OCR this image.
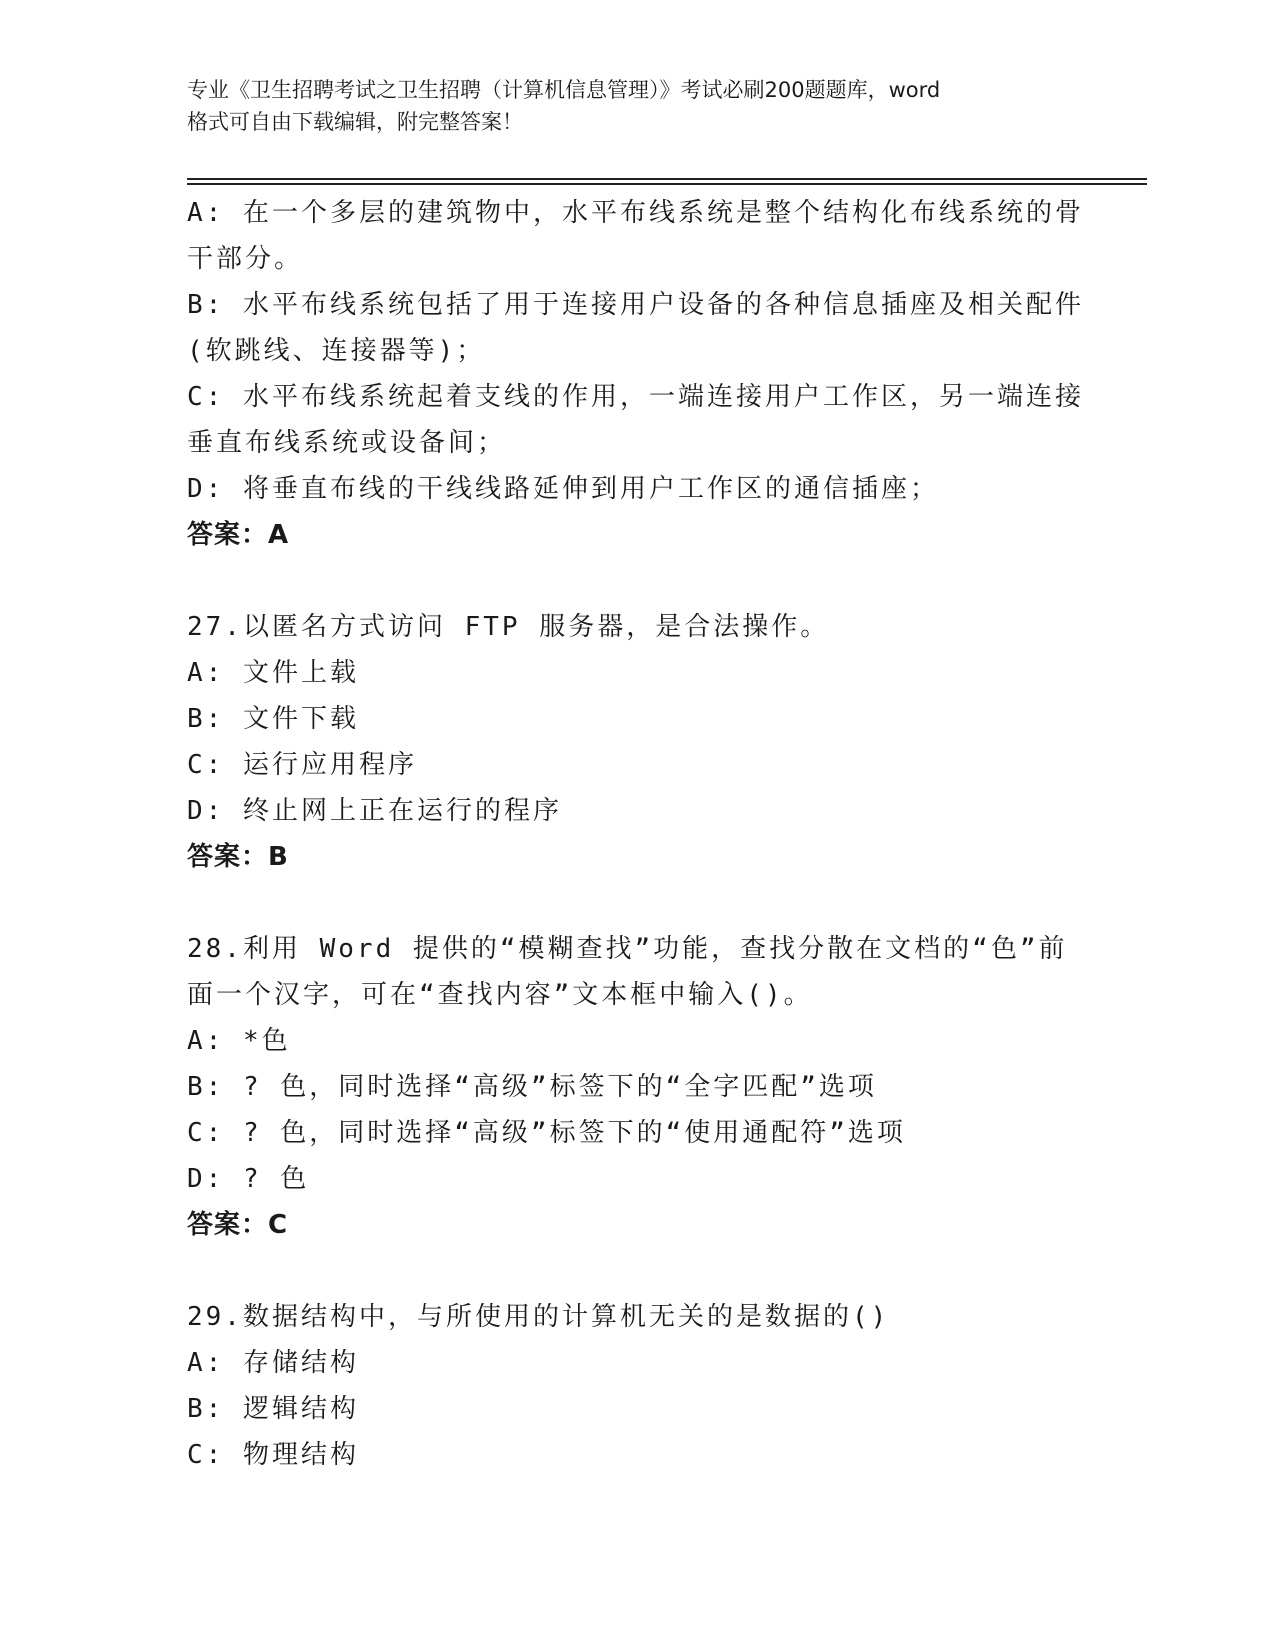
专业《卫生招聘考试之卫生招聘（计算机信息管理）》考试必刷200题题库，word
格式可自由下载编辑，附完整答案！
A: 在一个多层的建筑物中，水平布线系统是整个结构化布线系统的骨
干部分。
B: 水平布线系统包括了用于连接用户设备的各种信息插座及相关配件
(软跳线、连接器等)；
C: 水平布线系统起着支线的作用，一端连接用户工作区，另一端连接
垂直布线系统或设备间；
D: 将垂直布线的干线线路延伸到用户工作区的通信插座；
答案：A
27.以匿名方式访问 FTP 服务器，是合法操作。
A: 文件上载
B: 文件下载
C: 运行应用程序
D: 终止网上正在运行的程序
答案：B
28.利用 Word 提供的“模糊查找”功能，查找分散在文档的“色”前
面一个汉字，可在“查找内容”文本框中输入()。
A: *色
B: ? 色，同时选择“高级”标签下的“全字匹配”选项
C: ? 色，同时选择“高级”标签下的“使用通配符”选项
D: ? 色
答案：C
29.数据结构中，与所使用的计算机无关的是数据的()
A: 存储结构
B: 逻辑结构
C: 物理结构
